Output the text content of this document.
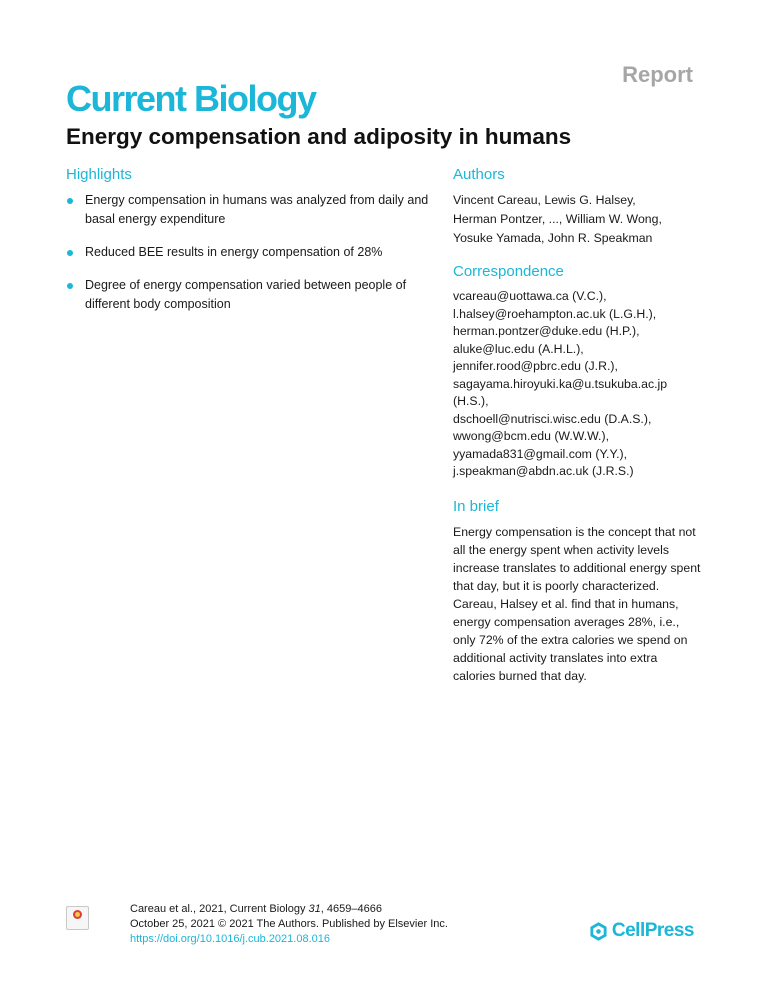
Report
Current Biology
Energy compensation and adiposity in humans
Highlights
Energy compensation in humans was analyzed from daily and basal energy expenditure
Reduced BEE results in energy compensation of 28%
Degree of energy compensation varied between people of different body composition
Authors
Vincent Careau, Lewis G. Halsey,
Herman Pontzer, ..., William W. Wong,
Yosuke Yamada, John R. Speakman
Correspondence
vcareau@uottawa.ca (V.C.),
l.halsey@roehampton.ac.uk (L.G.H.),
herman.pontzer@duke.edu (H.P.),
aluke@luc.edu (A.H.L.),
jennifer.rood@pbrc.edu (J.R.),
sagayama.hiroyuki.ka@u.tsukuba.ac.jp
(H.S.),
dschoell@nutrisci.wisc.edu (D.A.S.),
wwong@bcm.edu (W.W.W.),
yyamada831@gmail.com (Y.Y.),
j.speakman@abdn.ac.uk (J.R.S.)
In brief

Energy compensation is the concept that not all the energy spent when activity levels increase translates to additional energy spent that day, but it is poorly characterized. Careau, Halsey et al. find that in humans, energy compensation averages 28%, i.e., only 72% of the extra calories we spend on additional activity translates into extra calories burned that day.

Careau et al., 2021, Current Biology 31, 4659–4666
October 25, 2021 © 2021 The Authors. Published by Elsevier Inc.
https://doi.org/10.1016/j.cub.2021.08.016	CellPress
